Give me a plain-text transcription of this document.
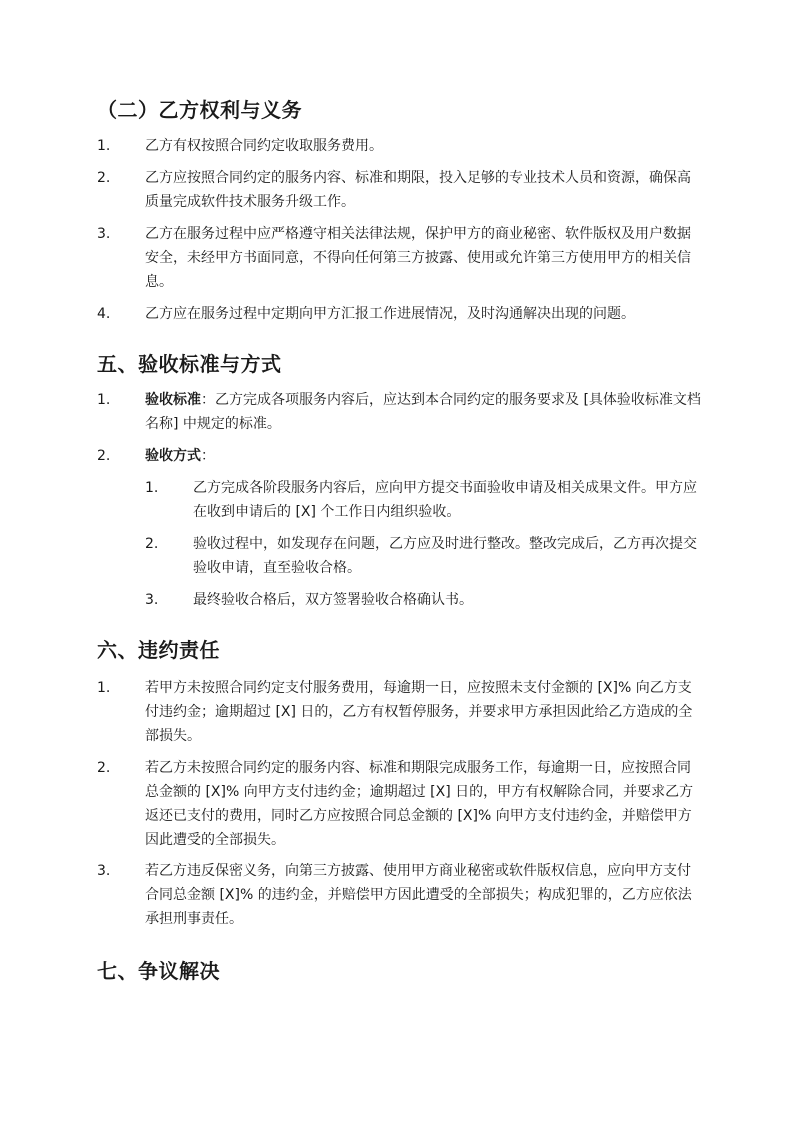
（二）乙方权利与义务
1. 乙方有权按照合同约定收取服务费用。
2. 乙方应按照合同约定的服务内容、标准和期限，投入足够的专业技术人员和资源，确保高质量完成软件技术服务升级工作。
3. 乙方在服务过程中应严格遵守相关法律法规，保护甲方的商业秘密、软件版权及用户数据安全，未经甲方书面同意，不得向任何第三方披露、使用或允许第三方使用甲方的相关信息。
4. 乙方应在服务过程中定期向甲方汇报工作进展情况，及时沟通解决出现的问题。
五、验收标准与方式
1. 验收标准：乙方完成各项服务内容后，应达到本合同约定的服务要求及 [具体验收标准文档名称] 中规定的标准。
2. 验收方式：
1. 乙方完成各阶段服务内容后，应向甲方提交书面验收申请及相关成果文件。甲方应在收到申请后的 [X] 个工作日内组织验收。
2. 验收过程中，如发现存在问题，乙方应及时进行整改。整改完成后，乙方再次提交验收申请，直至验收合格。
3. 最终验收合格后，双方签署验收合格确认书。
六、违约责任
1. 若甲方未按照合同约定支付服务费用，每逾期一日，应按照未支付金额的 [X]% 向乙方支付违约金；逾期超过 [X] 日的，乙方有权暂停服务，并要求甲方承担因此给乙方造成的全部损失。
2. 若乙方未按照合同约定的服务内容、标准和期限完成服务工作，每逾期一日，应按照合同总金额的 [X]% 向甲方支付违约金；逾期超过 [X] 日的，甲方有权解除合同，并要求乙方返还已支付的费用，同时乙方应按照合同总金额的 [X]% 向甲方支付违约金，并赔偿甲方因此遭受的全部损失。
3. 若乙方违反保密义务，向第三方披露、使用甲方商业秘密或软件版权信息，应向甲方支付合同总金额 [X]% 的违约金，并赔偿甲方因此遭受的全部损失；构成犯罪的，乙方应依法承担刑事责任。
七、争议解决
